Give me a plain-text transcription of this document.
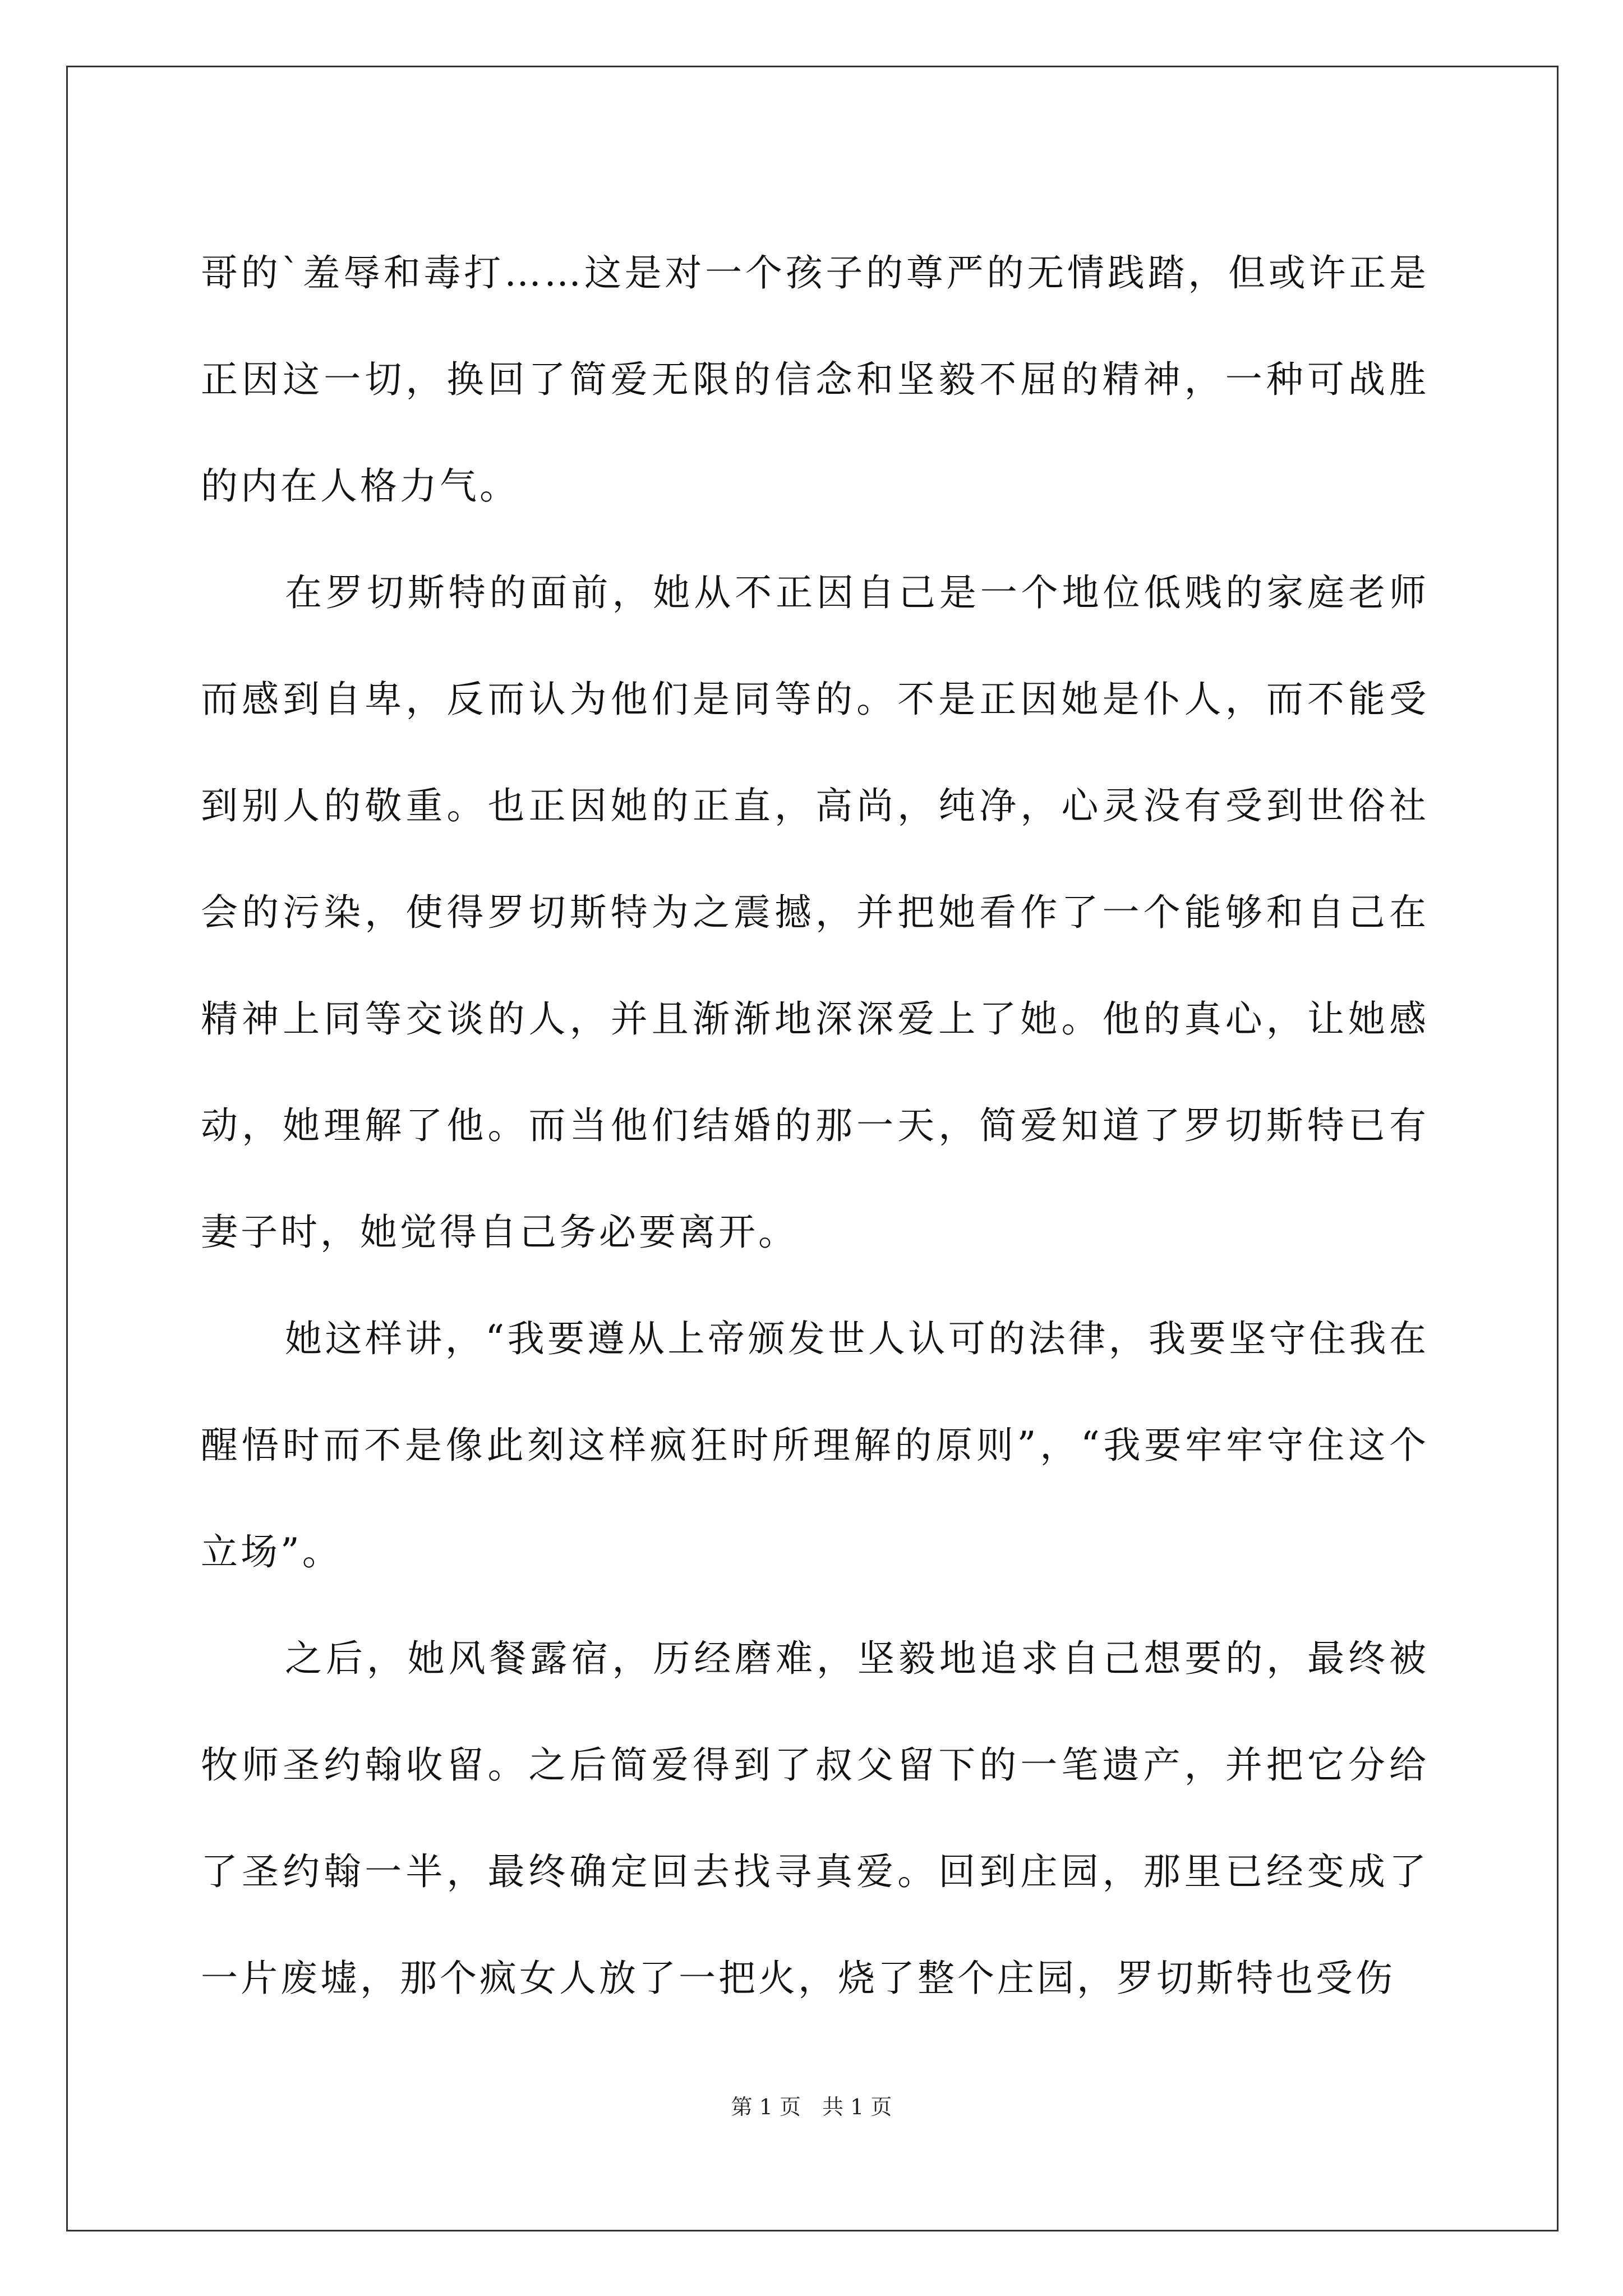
哥的`羞辱和毒打……这是对一个孩子的尊严的无情践踏，但或许正是正因这一切，换回了简爱无限的信念和坚毅不屈的精神，一种可战胜的内在人格力气。

在罗切斯特的面前，她从不正因自己是一个地位低贱的家庭老师而感到自卑，反而认为他们是同等的。不是正因她是仆人，而不能受到别人的敬重。也正因她的正直，高尚，纯净，心灵没有受到世俗社会的污染，使得罗切斯特为之震撼，并把她看作了一个能够和自己在精神上同等交谈的人，并且渐渐地深深爱上了她。他的真心，让她感动，她理解了他。而当他们结婚的那一天，简爱知道了罗切斯特已有妻子时，她觉得自己务必要离开。

她这样讲，“我要遵从上帝颁发世人认可的法律，我要坚守住我在醒悟时而不是像此刻这样疯狂时所理解的原则”，“我要牢牢守住这个立场”。

之后，她风餐露宿，历经磨难，坚毅地追求自己想要的，最终被牧师圣约翰收留。之后简爱得到了叔父留下的一笔遗产，并把它分给了圣约翰一半，最终确定回去找寻真爱。回到庄园，那里已经变成了一片废墟，那个疯女人放了一把火，烧了整个庄园，罗切斯特也受伤

第 1 页　共 1 页
